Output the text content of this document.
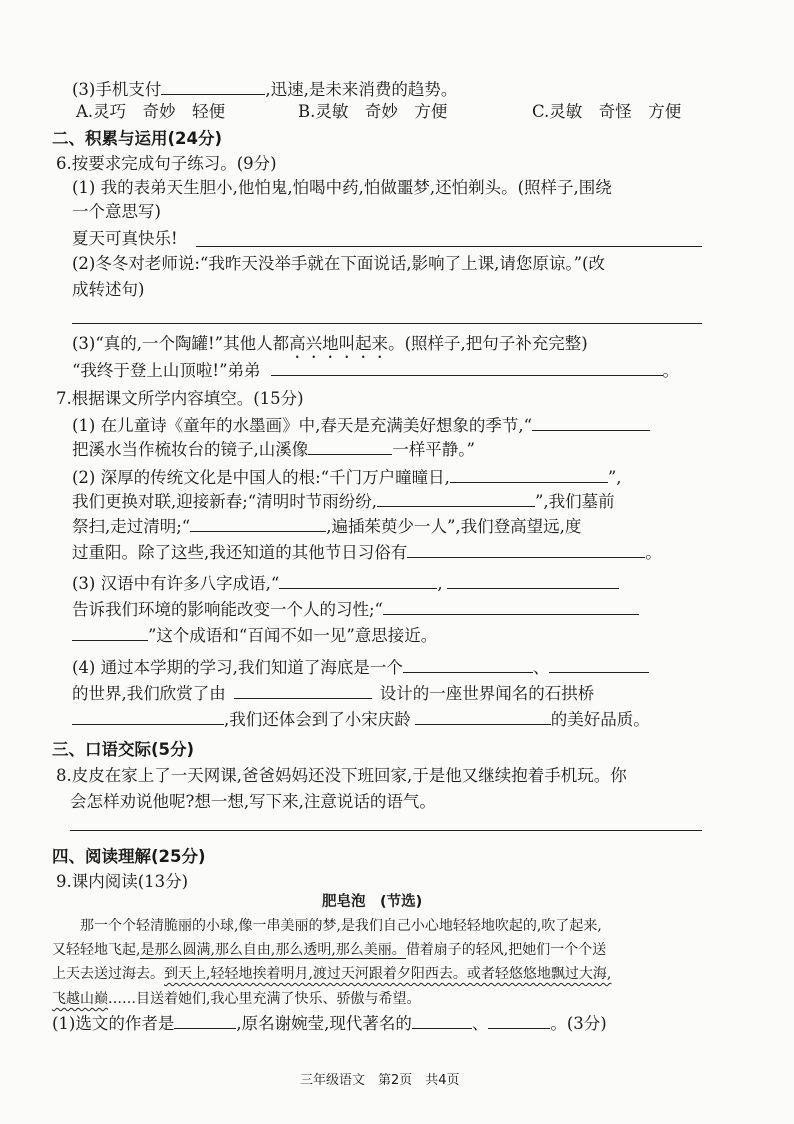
(3)手机支付	,迅速,是未来消费的趋势。
A.灵巧　奇妙　轻便	B.灵敏　奇妙　方便	C.灵敏　奇怪　方便
二、积累与运用(24分)
6.按要求完成句子练习。(9分)
(1) 我的表弟天生胆小,他怕鬼,怕喝中药,怕做噩梦,还怕剃头。(照样子,围绕
一个意思写)
夏天可真快乐!
(2)冬冬对老师说:“我昨天没举手就在下面说话,影响了上课,请您原谅。”(改
成转述句)
(3)“真的,一个陶罐!”其他人都高兴地叫起来。(照样子,把句子补充完整)
“我终于登上山顶啦!”弟弟	。
7.根据课文所学内容填空。(15分)
(1) 在儿童诗《童年的水墨画》中,春天是充满美好想象的季节,“
把溪水当作梳妆台的镜子,山溪像	一样平静。”
(2) 深厚的传统文化是中国人的根:“千门万户曈曈日,	”,
我们更换对联,迎接新春;“清明时节雨纷纷,	”,我们墓前
祭扫,走过清明;“	,遍插茱萸少一人”,我们登高望远,度
过重阳。除了这些,我还知道的其他节日习俗有	。
(3) 汉语中有许多八字成语,“	,
告诉我们环境的影响能改变一个人的习性;“
”这个成语和“百闻不如一见”意思接近。
(4) 通过本学期的学习,我们知道了海底是一个	、
的世界,我们欣赏了由	设计的一座世界闻名的石拱桥
,我们还体会到了小宋庆龄	的美好品质。
三、口语交际(5分)
8.皮皮在家上了一天网课,爸爸妈妈还没下班回家,于是他又继续抱着手机玩。你
会怎样劝说他呢?想一想,写下来,注意说话的语气。
四、阅读理解(25分)
9.课内阅读(13分)
肥皂泡　(节选)
那一个个轻清脆丽的小球,像一串美丽的梦,是我们自己小心地轻轻地吹起的,吹了起来,
又轻轻地飞起,是那么圆满,那么自由,那么透明,那么美丽。借着扇子的轻风,把她们一个个送
上天去送过海去。到天上,轻轻地挨着明月,渡过天河跟着夕阳西去。或者轻悠悠地飘过大海,
飞越山巅……目送着她们,我心里充满了快乐、骄傲与希望。
(1)选文的作者是	,原名谢婉莹,现代著名的	、	。(3分)
三年级语文　第2页　共4页
